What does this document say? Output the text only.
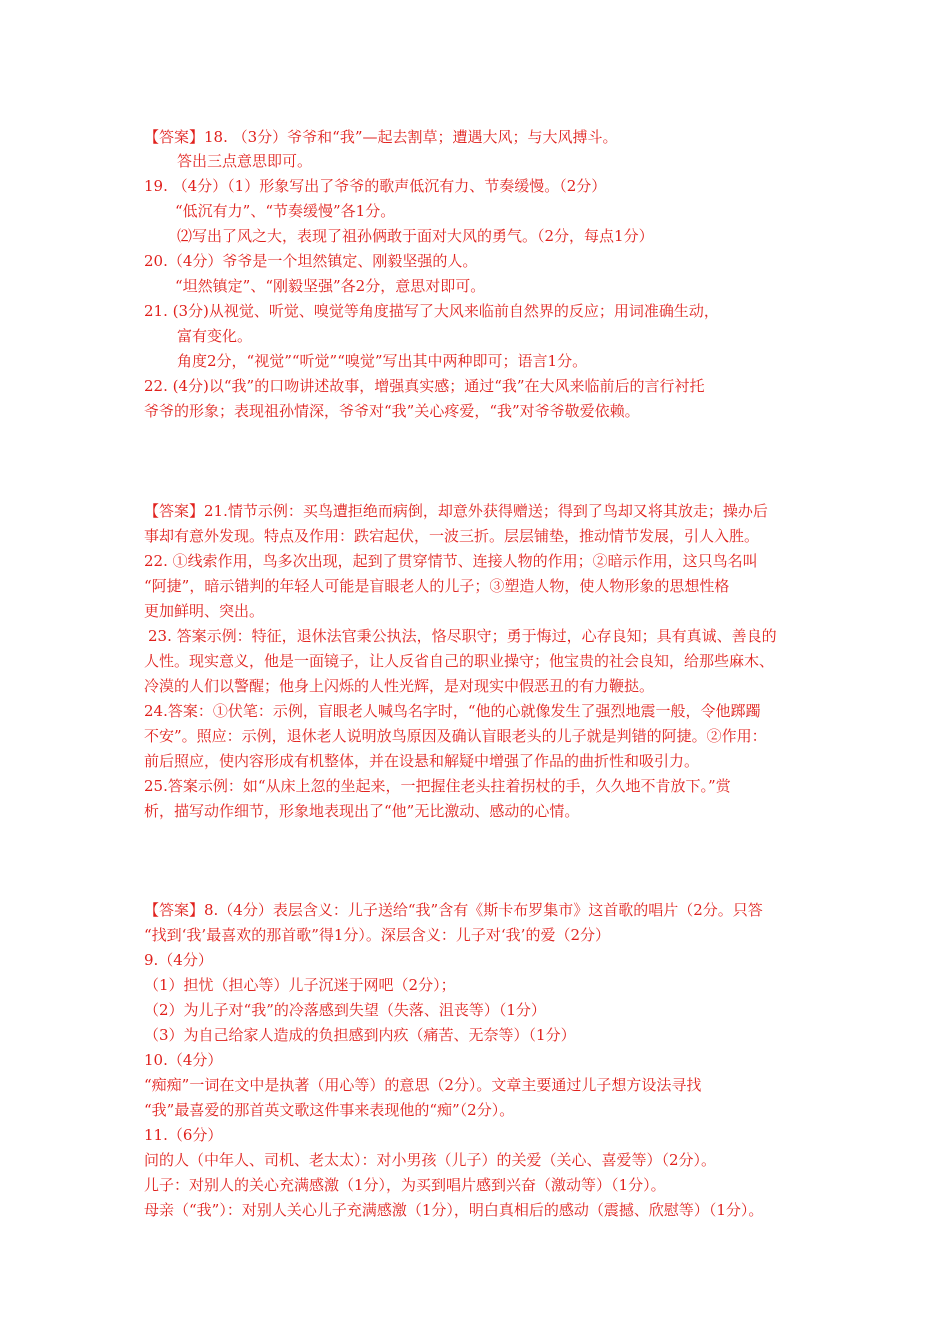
【答案】18. （3分）爷爷和“我”—起去割草；遭遇大风；与大风搏斗。
答出三点意思即可。
19. （4分）（1）形象写出了爷爷的歌声低沉有力、节奏缓慢。（2分）
“低沉有力”、“节奏缓慢”各1分。
⑵写出了风之大，表现了祖孙俩敢于面对大风的勇气。（2分，每点1分）
20.（4分）爷爷是一个坦然镇定、刚毅坚强的人。
“坦然镇定”、“刚毅坚强”各2分，意思对即可。
21. (3分)从视觉、听觉、嗅觉等角度描写了大风来临前自然界的反应；用词准确生动，
富有变化。
角度2分，“视觉”“听觉”“嗅觉”写出其中两种即可；语言1分。
22. (4分)以“我”的口吻讲述故事，增强真实感；通过“我”在大风来临前后的言行衬托
爷爷的形象；表现祖孙情深，爷爷对“我”关心疼爱，“我”对爷爷敬爱依赖。
【答案】21.情节示例：买鸟遭拒绝而病倒，却意外获得赠送；得到了鸟却又将其放走；操办后
事却有意外发现。特点及作用：跌宕起伏，一波三折。层层铺垫，推动情节发展，引人入胜。
22. ①线索作用，鸟多次出现，起到了贯穿情节、连接人物的作用；②暗示作用，这只鸟名叫
“阿捷”，暗示错判的年轻人可能是盲眼老人的儿子；③塑造人物，使人物形象的思想性格
更加鲜明、突出。
23. 答案示例：特征，退休法官秉公执法，恪尽职守；勇于悔过，心存良知；具有真诚、善良的
人性。现实意义，他是一面镜子，让人反省自己的职业操守；他宝贵的社会良知，给那些麻木、
冷漠的人们以警醒；他身上闪烁的人性光辉，是对现实中假恶丑的有力鞭挞。
24.答案：①伏笔：示例，盲眼老人喊鸟名字时，“他的心就像发生了强烈地震一般，令他踯躅
不安”。照应：示例，退休老人说明放鸟原因及确认盲眼老头的儿子就是判错的阿捷。②作用：
前后照应，使内容形成有机整体，并在设悬和解疑中增强了作品的曲折性和吸引力。
25.答案示例：如“从床上忽的坐起来，一把握住老头拄着拐杖的手，久久地不肯放下。”赏
析，描写动作细节，形象地表现出了“他”无比激动、感动的心情。
【答案】8.（4分）表层含义：儿子送给“我”含有《斯卡布罗集市》这首歌的唱片（2分。只答
“找到‘我’最喜欢的那首歌”得1分）。深层含义：儿子对‘我’的爱（2分）
9.（4分）
（1）担忧（担心等）儿子沉迷于网吧（2分）；
（2）为儿子对“我”的冷落感到失望（失落、沮丧等）（1分）
（3）为自己给家人造成的负担感到内疚（痛苦、无奈等）（1分）
10.（4分）
“痴痴”一词在文中是执著（用心等）的意思（2分）。文章主要通过儿子想方设法寻找
“我”最喜爱的那首英文歌这件事来表现他的“痴”（2分）。
11.（6分）
问的人（中年人、司机、老太太）：对小男孩（儿子）的关爱（关心、喜爱等）（2分）。
儿子：对别人的关心充满感激（1分），为买到唱片感到兴奋（激动等）（1分）。
母亲（“我”）：对别人关心儿子充满感激（1分），明白真相后的感动（震撼、欣慰等）（1分）。
